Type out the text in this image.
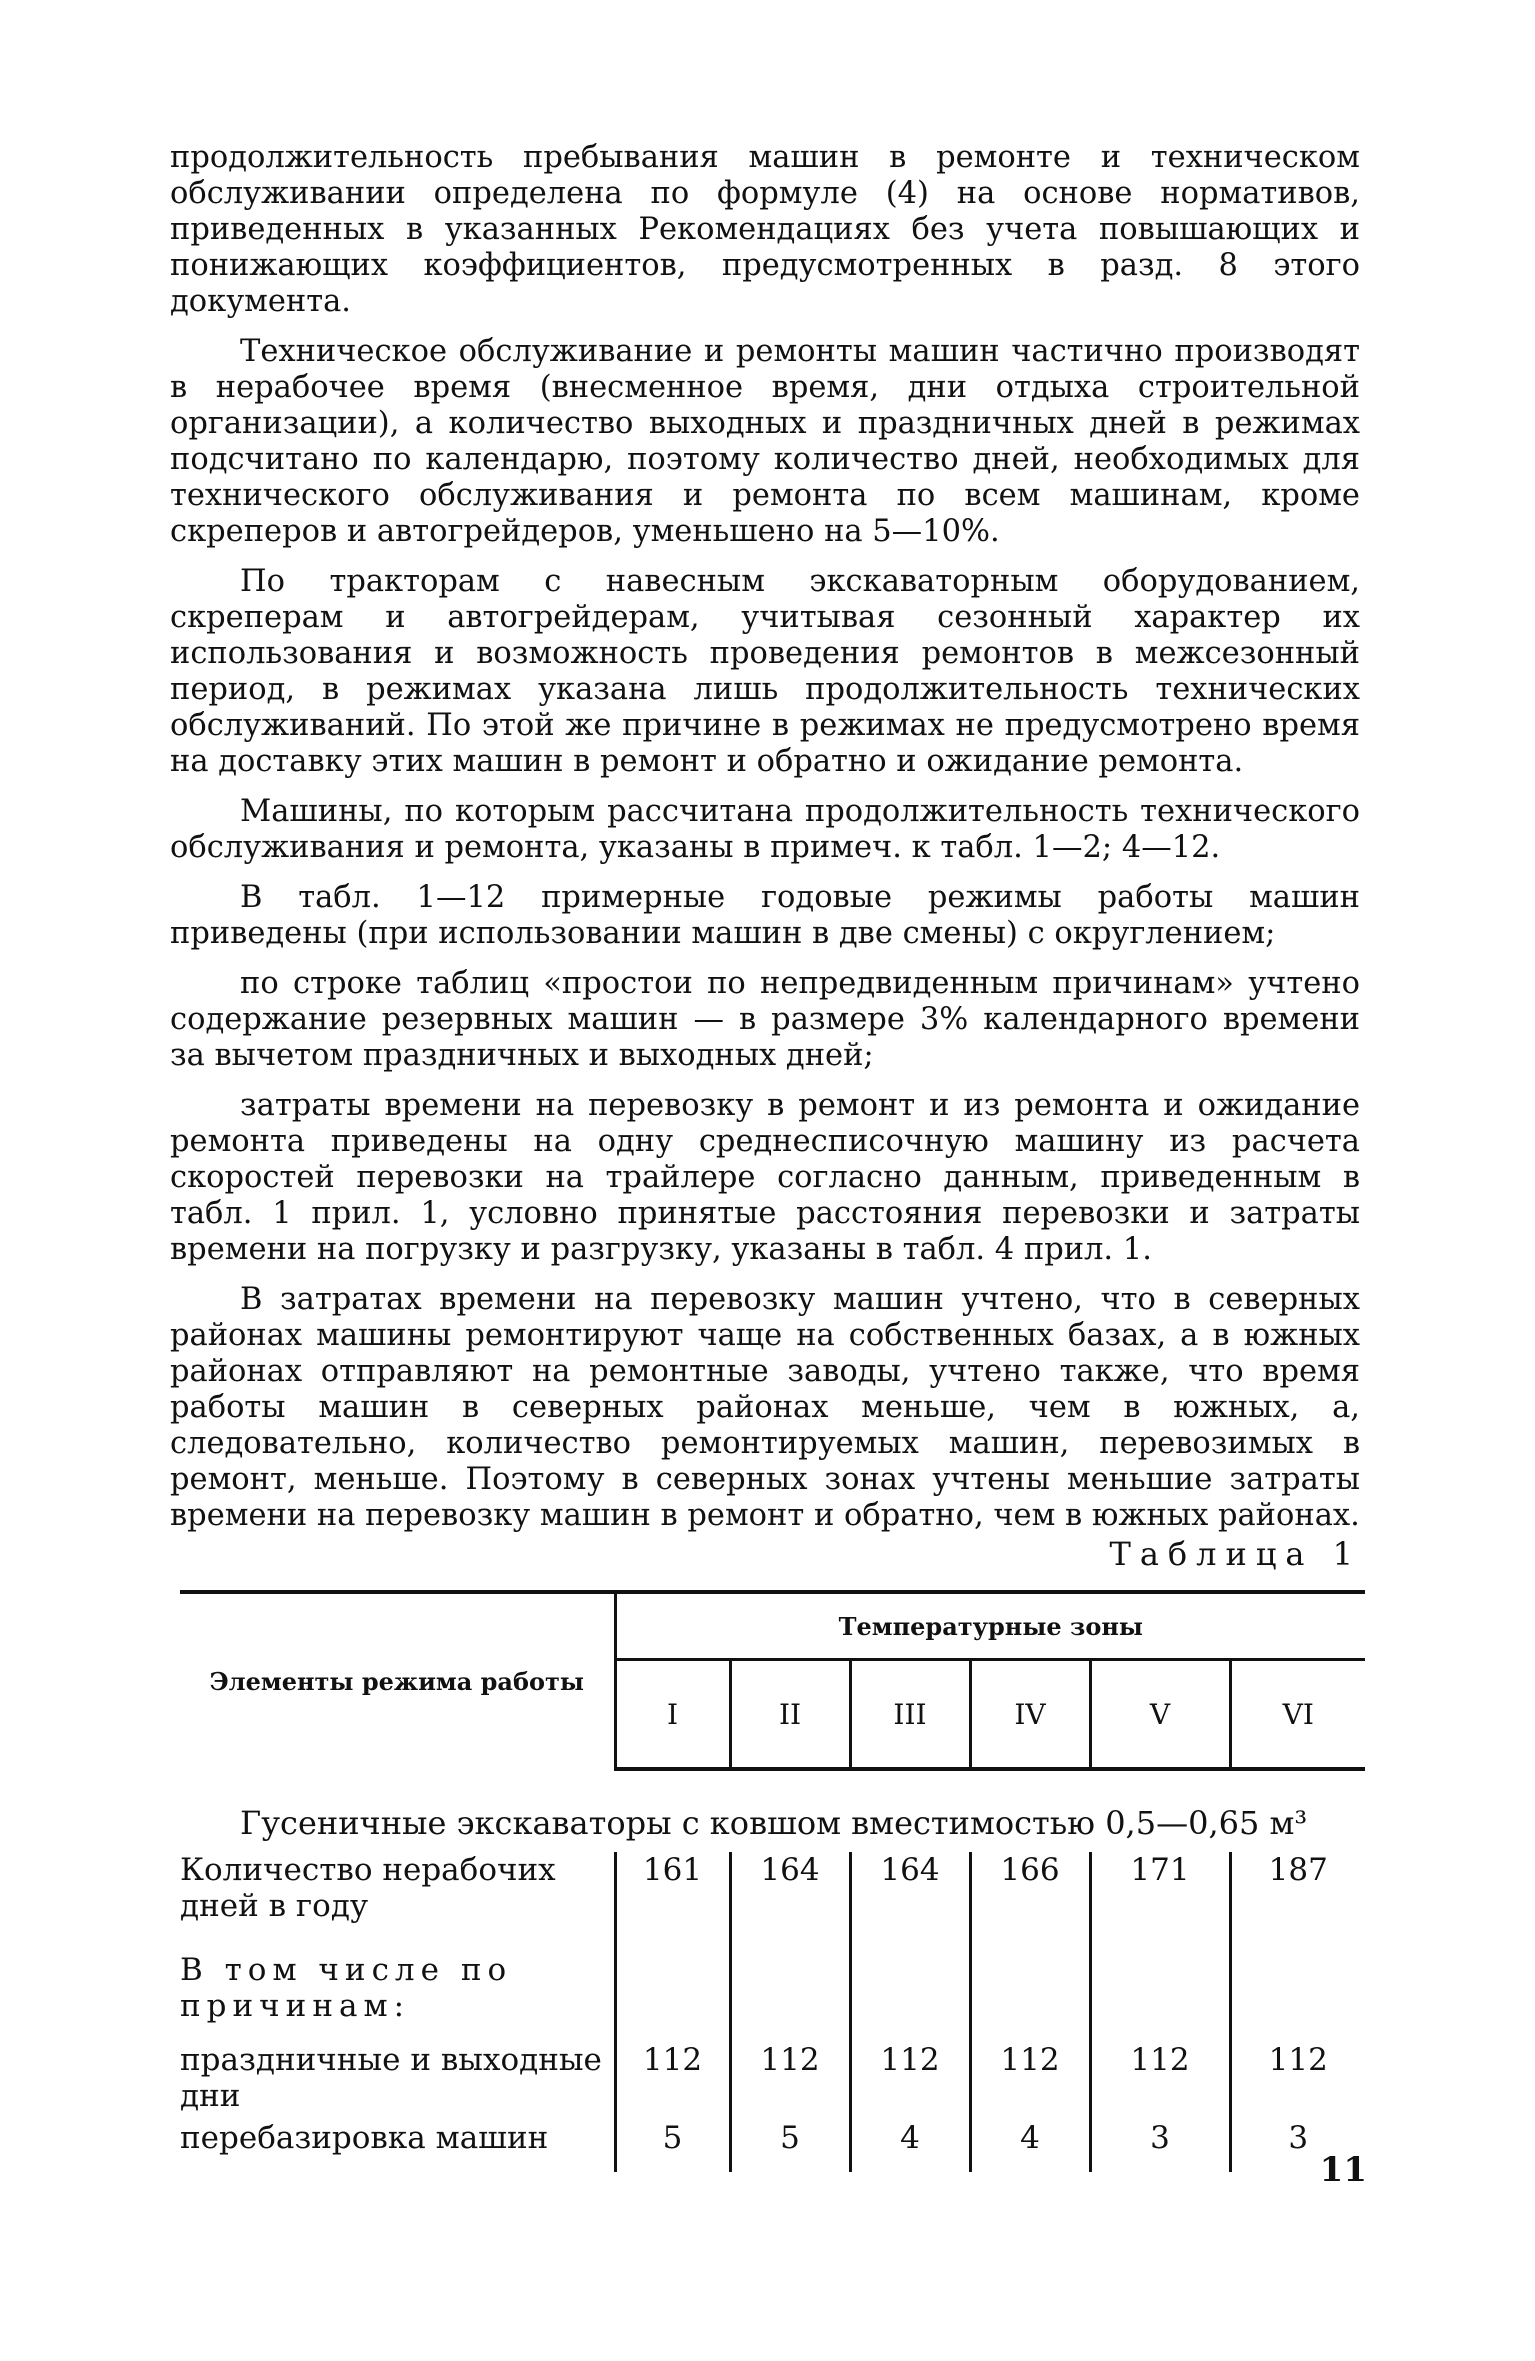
продолжительность пребывания машин в ремонте и техническом обслуживании определена по формуле (4) на основе нормативов, приведенных в указанных Рекомендациях без учета повышающих и понижающих коэффициентов, предусмотренных в разд. 8 этого документа.

Техническое обслуживание и ремонты машин частично производят в нерабочее время (внесменное время, дни отдыха строительной организации), а количество выходных и праздничных дней в режимах подсчитано по календарю, поэтому количество дней, необходимых для технического обслуживания и ремонта по всем машинам, кроме скреперов и автогрейдеров, уменьшено на 5—10%.

По тракторам с навесным экскаваторным оборудованием, скреперам и автогрейдерам, учитывая сезонный характер их использования и возможность проведения ремонтов в межсезонный период, в режимах указана лишь продолжительность технических обслуживаний. По этой же причине в режимах не предусмотрено время на доставку этих машин в ремонт и обратно и ожидание ремонта.

Машины, по которым рассчитана продолжительность технического обслуживания и ремонта, указаны в примеч. к табл. 1—2; 4—12.

В табл. 1—12 примерные годовые режимы работы машин приведены (при использовании машин в две смены) с округлением;

по строке таблиц «простои по непредвиденным причинам» учтено содержание резервных машин — в размере 3% календарного времени за вычетом праздничных и выходных дней;

затраты времени на перевозку в ремонт и из ремонта и ожидание ремонта приведены на одну среднесписочную машину из расчета скоростей перевозки на трайлере согласно данным, приведенным в табл. 1 прил. 1, условно принятые расстояния перевозки и затраты времени на погрузку и разгрузку, указаны в табл. 4 прил. 1.

В затратах времени на перевозку машин учтено, что в северных районах машины ремонтируют чаще на собственных базах, а в южных районах отправляют на ремонтные заводы, учтено также, что время работы машин в северных районах меньше, чем в южных, а, следовательно, количество ремонтируемых машин, перевозимых в ремонт, меньше. Поэтому в северных зонах учтены меньшие затраты времени на перевозку машин в ремонт и обратно, чем в южных районах.

Таблица 1
Элементы режима работы	Температурные зоны					
	I	II	III	IV	V	VI
Гусеничные экскаваторы с ковшом вместимостью 0,5—0,65 м³
Количество нерабочих дней в году	161	164	164	166	171	187
В том числе по причинам:						
праздничные и выходные дни	112	112	112	112	112	112
перебазировка машин	5	5	4	4	3	3
11
